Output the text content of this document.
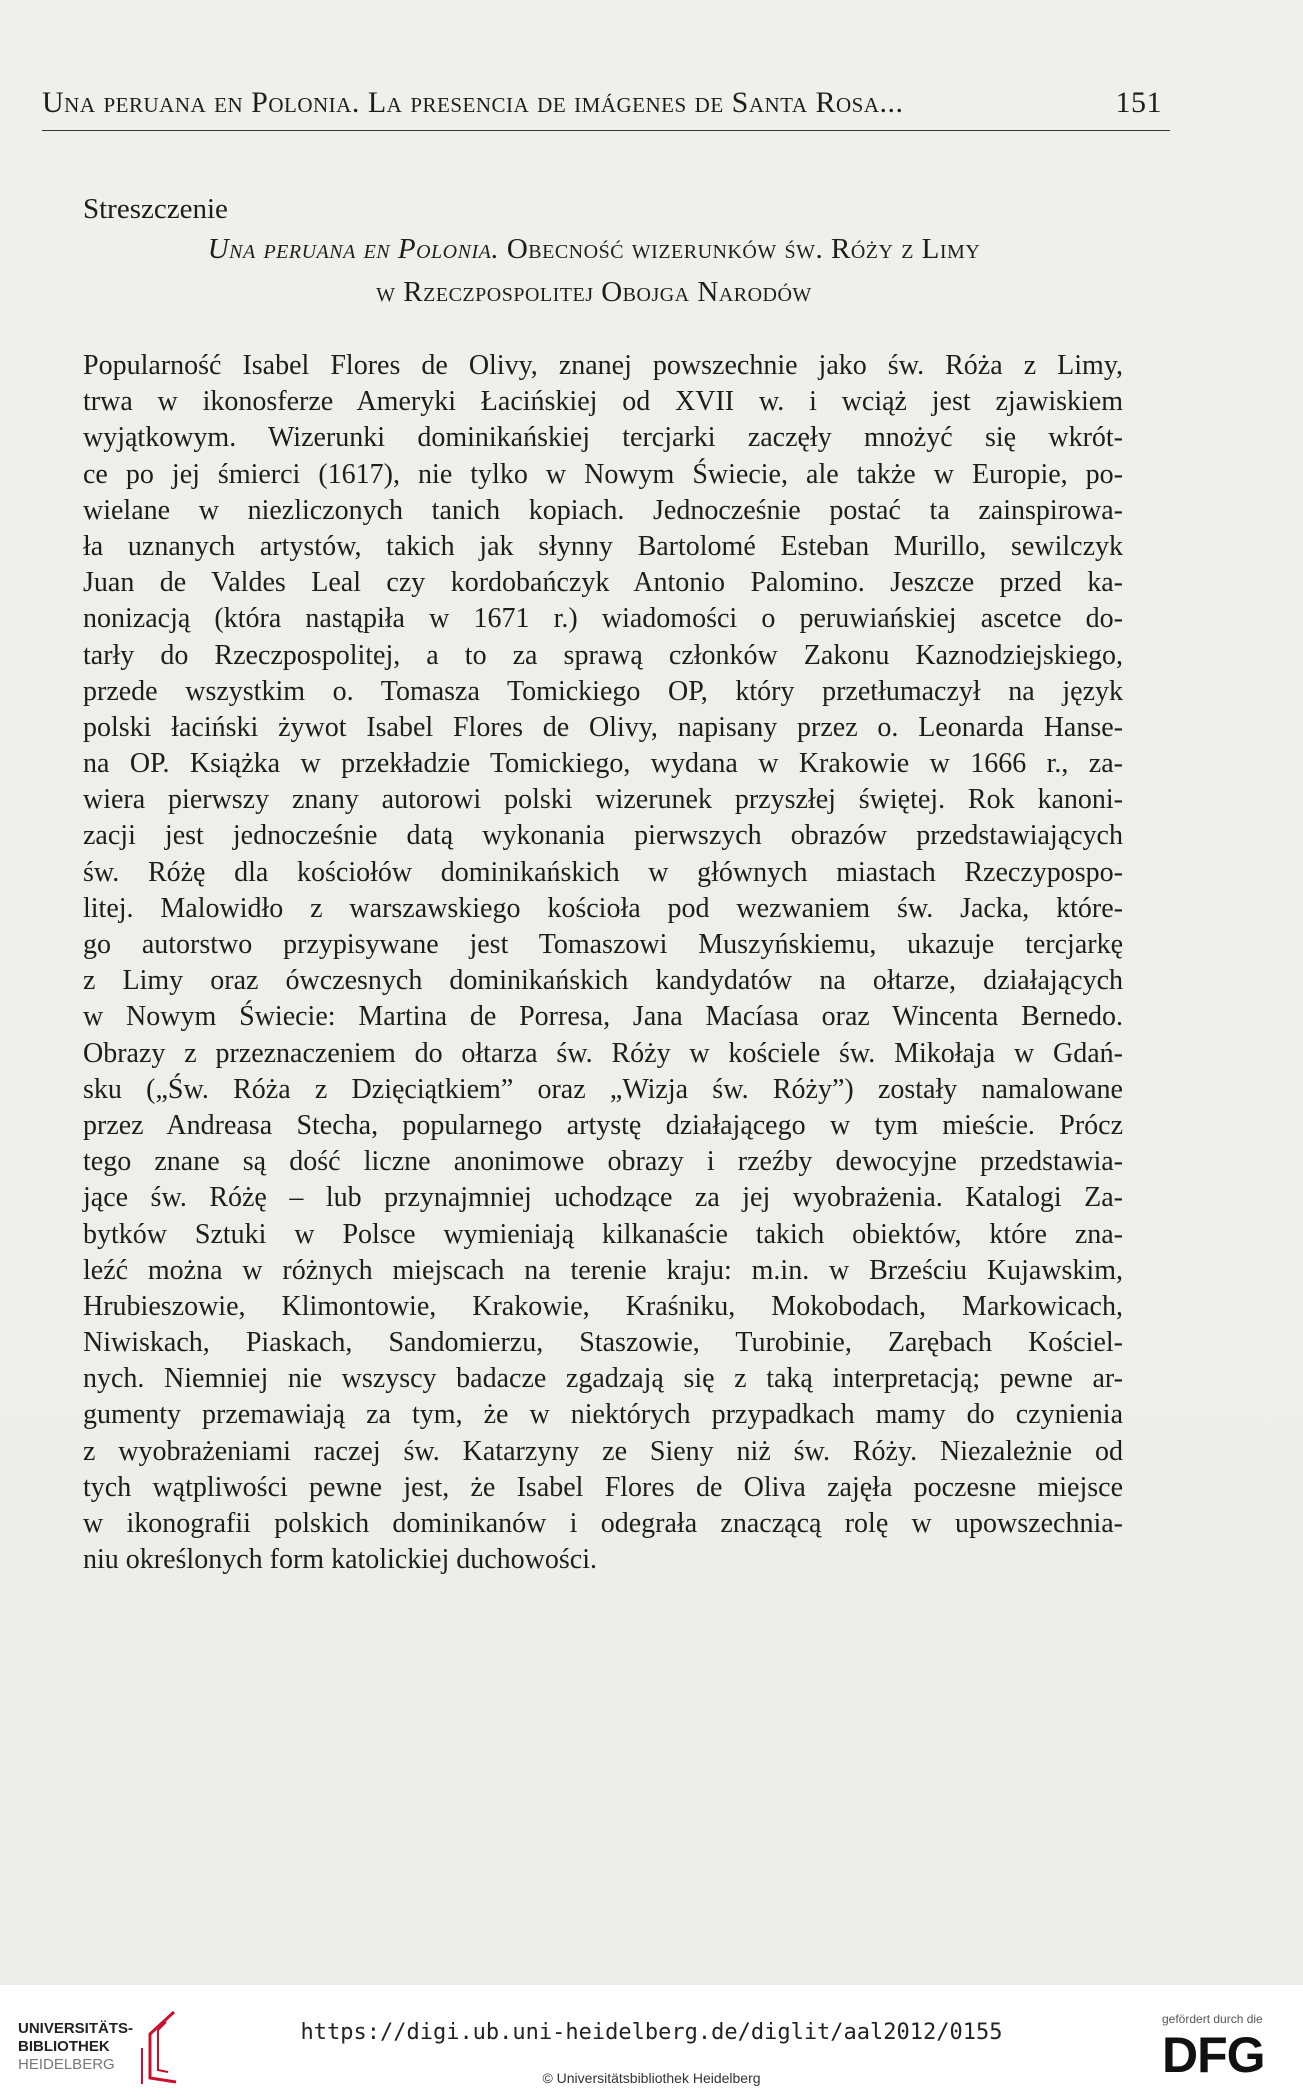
Una peruana en Polonia. La presencia de imágenes de Santa Rosa...	151
Streszczenie
Una peruana en Polonia. Obecność wizerunków św. Róży z Limy
w Rzeczpospolitej Obojga Narodów
Popularność Isabel Flores de Olivy, znanej powszechnie jako św. Róża z Limy,
trwa w ikonosferze Ameryki Łacińskiej od XVII w. i wciąż jest zjawiskiem
wyjątkowym. Wizerunki dominikańskiej tercjarki zaczęły mnożyć się wkrót-
ce po jej śmierci (1617), nie tylko w Nowym Świecie, ale także w Europie, po-
wielane w niezliczonych tanich kopiach. Jednocześnie postać ta zainspirowa-
ła uznanych artystów, takich jak słynny Bartolomé Esteban Murillo, sewilczyk
Juan de Valdes Leal czy kordobańczyk Antonio Palomino. Jeszcze przed ka-
nonizacją (która nastąpiła w 1671 r.) wiadomości o peruwiańskiej ascetce do-
tarły do Rzeczpospolitej, a to za sprawą członków Zakonu Kaznodziejskiego,
przede wszystkim o. Tomasza Tomickiego OP, który przetłumaczył na język
polski łaciński żywot Isabel Flores de Olivy, napisany przez o. Leonarda Hanse-
na OP. Książka w przekładzie Tomickiego, wydana w Krakowie w 1666 r., za-
wiera pierwszy znany autorowi polski wizerunek przyszłej świętej. Rok kanoni-
zacji jest jednocześnie datą wykonania pierwszych obrazów przedstawiających
św. Różę dla kościołów dominikańskich w głównych miastach Rzeczypospo-
litej. Malowidło z warszawskiego kościoła pod wezwaniem św. Jacka, które-
go autorstwo przypisywane jest Tomaszowi Muszyńskiemu, ukazuje tercjarkę
z Limy oraz ówczesnych dominikańskich kandydatów na ołtarze, działających
w Nowym Świecie: Martina de Porresa, Jana Macíasa oraz Wincenta Bernedo.
Obrazy z przeznaczeniem do ołtarza św. Róży w kościele św. Mikołaja w Gdań-
sku („Św. Róża z Dzięciątkiem” oraz „Wizja św. Róży”) zostały namalowane
przez Andreasa Stecha, popularnego artystę działającego w tym mieście. Prócz
tego znane są dość liczne anonimowe obrazy i rzeźby dewocyjne przedstawia-
jące św. Różę – lub przynajmniej uchodzące za jej wyobrażenia. Katalogi Za-
bytków Sztuki w Polsce wymieniają kilkanaście takich obiektów, które zna-
leźć można w różnych miejscach na terenie kraju: m.in. w Brześciu Kujawskim,
Hrubieszowie, Klimontowie, Krakowie, Kraśniku, Mokobodach, Markowicach,
Niwiskach, Piaskach, Sandomierzu, Staszowie, Turobinie, Zarębach Kościel-
nych. Niemniej nie wszyscy badacze zgadzają się z taką interpretacją; pewne ar-
gumenty przemawiają za tym, że w niektórych przypadkach mamy do czynienia
z wyobrażeniami raczej św. Katarzyny ze Sieny niż św. Róży. Niezależnie od
tych wątpliwości pewne jest, że Isabel Flores de Oliva zajęła poczesne miejsce
w ikonografii polskich dominikanów i odegrała znaczącą rolę w upowszechnia-
niu określonych form katolickiej duchowości.
UNIVERSITÄTS-
BIBLIOTHEK
HEIDELBERG
https://digi.ub.uni-heidelberg.de/diglit/aal2012/0155
© Universitätsbibliothek Heidelberg
gefördert durch die
DFG
